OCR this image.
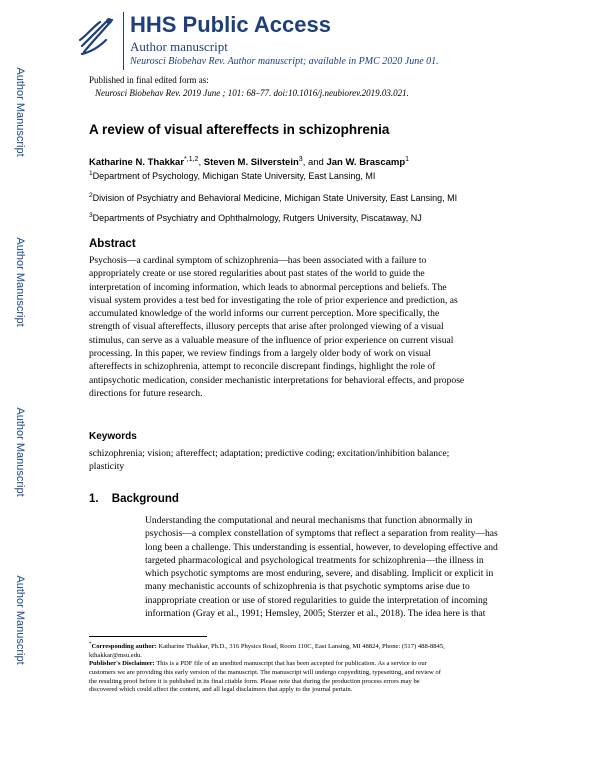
Author Manuscript
Author Manuscript
Author Manuscript
Author Manuscript
HHS Public Access
Author manuscript
Neurosci Biobehav Rev. Author manuscript; available in PMC 2020 June 01.
Published in final edited form as:
Neurosci Biobehav Rev. 2019 June ; 101: 68–77. doi:10.1016/j.neubiorev.2019.03.021.
A review of visual aftereffects in schizophrenia
Katharine N. Thakkar$^{*,1,2}$, Steven M. Silverstein$^3$, and Jan W. Brascamp$^1$
$^1$Department of Psychology, Michigan State University, East Lansing, MI
$^2$Division of Psychiatry and Behavioral Medicine, Michigan State University, East Lansing, MI
$^3$Departments of Psychiatry and Ophthalmology, Rutgers University, Piscataway, NJ
Abstract
Psychosis—a cardinal symptom of schizophrenia—has been associated with a failure to
appropriately create or use stored regularities about past states of the world to guide the
interpretation of incoming information, which leads to abnormal perceptions and beliefs. The
visual system provides a test bed for investigating the role of prior experience and prediction, as
accumulated knowledge of the world informs our current perception. More specifically, the
strength of visual aftereffects, illusory percepts that arise after prolonged viewing of a visual
stimulus, can serve as a valuable measure of the influence of prior experience on current visual
processing. In this paper, we review findings from a largely older body of work on visual
aftereffects in schizophrenia, attempt to reconcile discrepant findings, highlight the role of
antipsychotic medication, consider mechanistic interpretations for behavioral effects, and propose
directions for future research.
Keywords
schizophrenia; vision; aftereffect; adaptation; predictive coding; excitation/inhibition balance;
plasticity
1. Background
Understanding the computational and neural mechanisms that function abnormally in
psychosis—a complex constellation of symptoms that reflect a separation from reality—has
long been a challenge. This understanding is essential, however, to developing effective and
targeted pharmacological and psychological treatments for schizophrenia—the illness in
which psychotic symptoms are most enduring, severe, and disabling. Implicit or explicit in
many mechanistic accounts of schizophrenia is that psychotic symptoms arise due to
inappropriate creation or use of stored regularities to guide the interpretation of incoming
information (Gray et al., 1991; Hemsley, 2005; Sterzer et al., 2018). The idea here is that
*Corresponding author: Katharine Thakkar, Ph.D., 316 Physics Road, Room 110C, East Lansing, MI 48824, Phone: (517) 488-8845,
kthakkar@msu.edu.
Publisher's Disclaimer: This is a PDF file of an unedited manuscript that has been accepted for publication. As a service to our
customers we are providing this early version of the manuscript. The manuscript will undergo copyediting, typesetting, and review of
the resulting proof before it is published in its final citable form. Please note that during the production process errors may be
discovered which could affect the content, and all legal disclaimers that apply to the journal pertain.
